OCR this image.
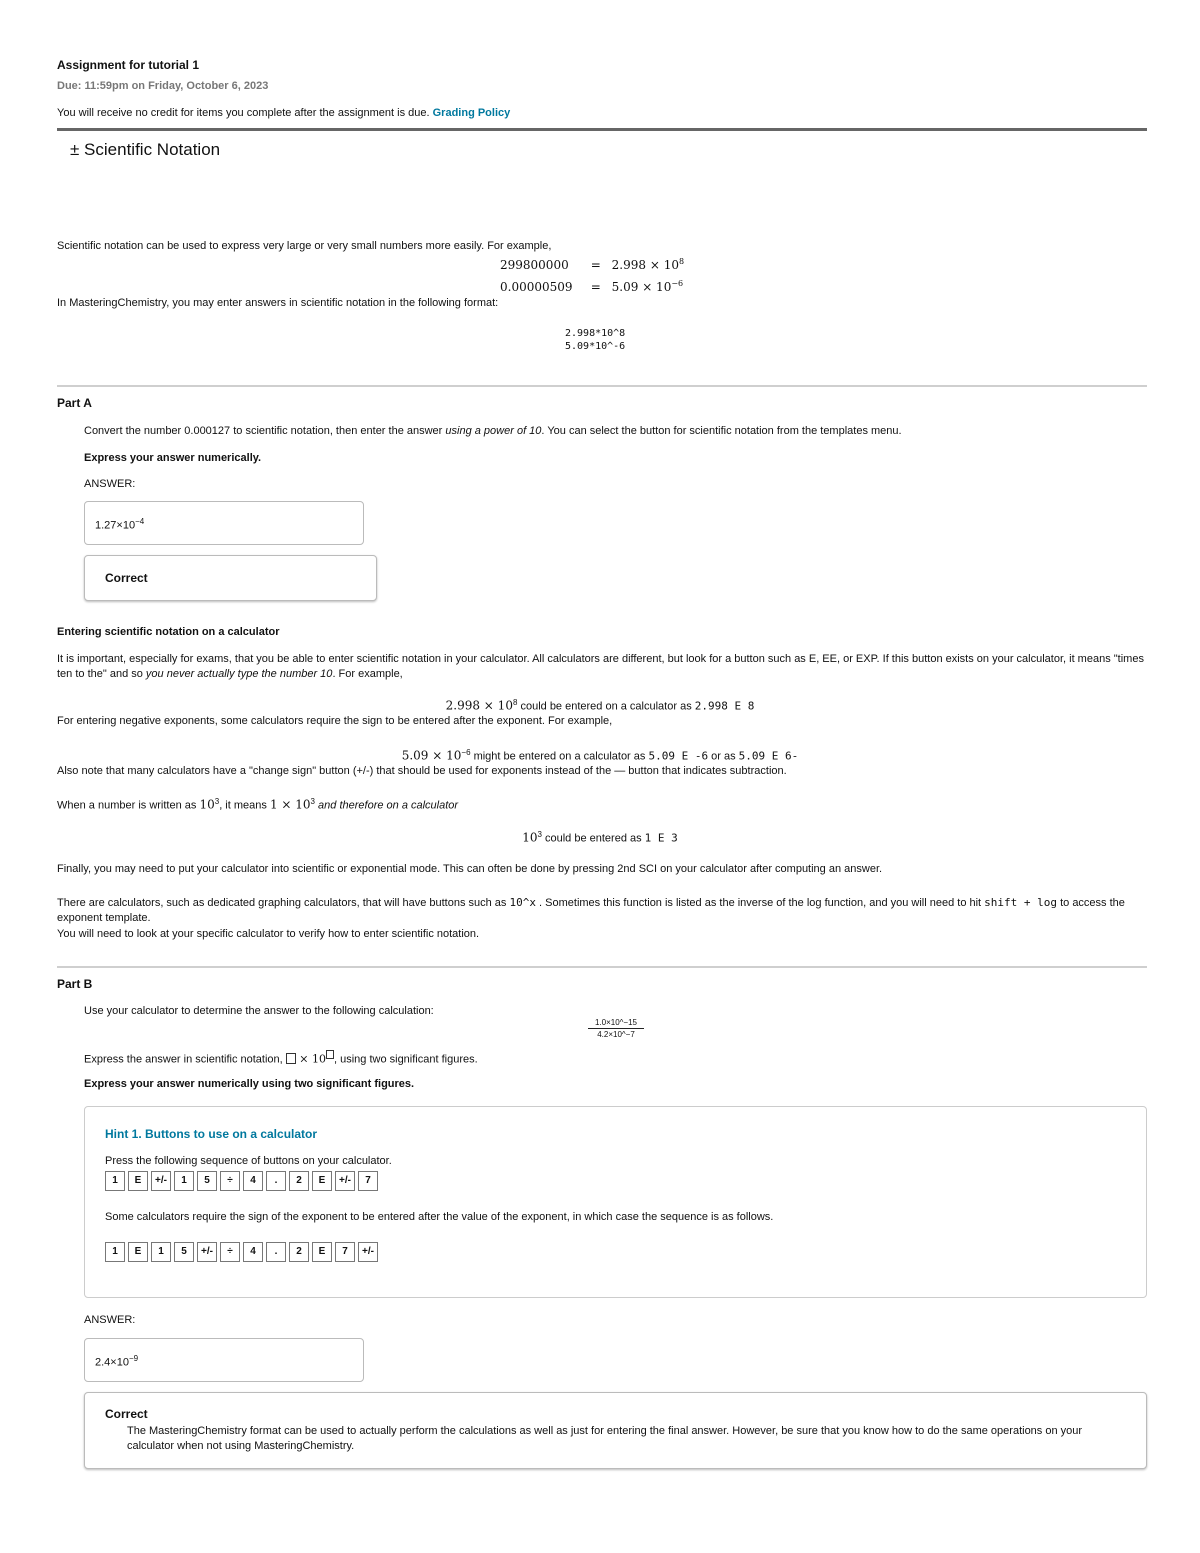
Assignment for tutorial 1
Due: 11:59pm on Friday, October 6, 2023
You will receive no credit for items you complete after the assignment is due. Grading Policy
± Scientific Notation
Scientific notation can be used to express very large or very small numbers more easily. For example,
$299800000 = 2.998 \times 10^8$
$0.00000509 = 5.09 \times 10^{-6}$
In MasteringChemistry, you may enter answers in scientific notation in the following format:
2.998*10^8
5.09*10^-6
Part A
Convert the number 0.000127 to scientific notation, then enter the answer using a power of 10. You can select the button for scientific notation from the templates menu.
Express your answer numerically.
ANSWER:
$1.27\times 10^{-4}$
Correct
Entering scientific notation on a calculator
It is important, especially for exams, that you be able to enter scientific notation in your calculator. All calculators are different, but look for a button such as E, EE, or EXP. If this button exists on your calculator, it means "times ten to the" and so you never actually type the number 10. For example,
$2.998 \times 10^8$ could be entered on a calculator as 2.998 E 8
For entering negative exponents, some calculators require the sign to be entered after the exponent. For example,
$5.09 \times 10^{-6}$ might be entered on a calculator as 5.09 E -6 or as 5.09 E 6-
Also note that many calculators have a "change sign" button (+/-) that should be used for exponents instead of the — button that indicates subtraction.
When a number is written as $10^3$, it means $1 \times 10^3$ and therefore on a calculator
$10^3$ could be entered as 1 E 3
Finally, you may need to put your calculator into scientific or exponential mode. This can often be done by pressing 2nd SCI on your calculator after computing an answer.
There are calculators, such as dedicated graphing calculators, that will have buttons such as 10^x . Sometimes this function is listed as the inverse of the log function, and you will need to hit shift + log to access the exponent template.
You will need to look at your specific calculator to verify how to enter scientific notation.
Part B
Use your calculator to determine the answer to the following calculation:
$\frac{1.0\times 10\^{}-15}{4.2\times 10\^{}-7}$
Express the answer in scientific notation,  × 10 , using two significant figures.
Express your answer numerically using two significant figures.
Hint 1. Buttons to use on a calculator
Press the following sequence of buttons on your calculator.
1	E	+/-	1	5	÷	4	.	2	E	+/-	7
Some calculators require the sign of the exponent to be entered after the value of the exponent, in which case the sequence is as follows.
1	E	1	5	+/-	÷	4	.	2	E	7	+/-
ANSWER:
$2.4\times 10^{-9}$
Correct
The MasteringChemistry format can be used to actually perform the calculations as well as just for entering the final answer. However, be sure that you know how to do the same operations on your calculator when not using MasteringChemistry.
